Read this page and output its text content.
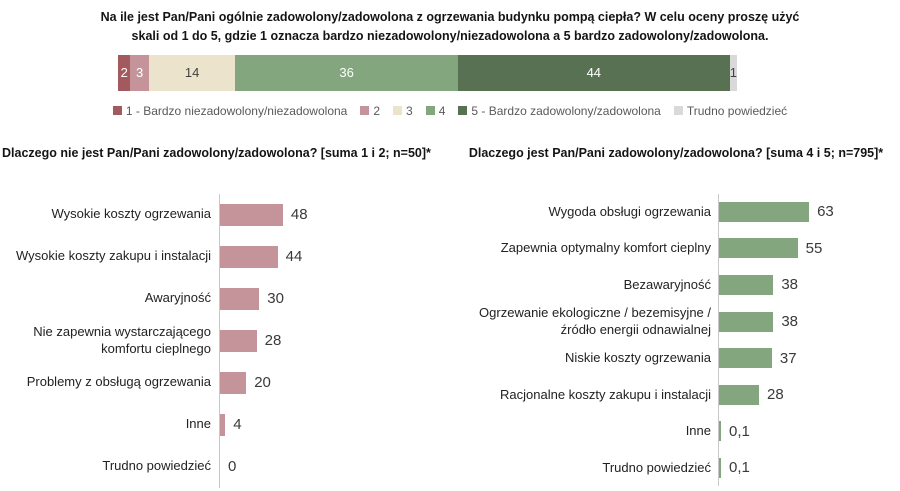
Na ile jest Pan/Pani ogólnie zadowolony/zadowolona z ogrzewania budynku pompą ciepła? W celu oceny proszę użyć skali od 1 do 5, gdzie 1 oznacza bardzo niezadowolony/niezadowolona a 5 bardzo zadowolony/zadowolona.
2 3	14	36	44	1
1 - Bardzo niezadowolony/niezadowolona 2 3 4 5 - Bardzo zadowolony/zadowolona Trudno powiedzieć
Dlaczego nie jest Pan/Pani zadowolony/zadowolona? [suma 1 i 2; n=50]*
Wysokie koszty ogrzewania	48
Wysokie koszty zakupu i instalacji	44
Awaryjność	30
Nie zapewnia wystarczającego komfortu cieplnego	28
Problemy z obsługą ogrzewania	20
Inne	4
Trudno powiedzieć	0
Dlaczego jest Pan/Pani zadowolony/zadowolona? [suma 4 i 5; n=795]*
Wygoda obsługi ogrzewania	63
Zapewnia optymalny komfort cieplny	55
Bezawaryjność	38
Ogrzewanie ekologiczne / bezemisyjne / źródło energii odnawialnej	38
Niskie koszty ogrzewania	37
Racjonalne koszty zakupu i instalacji	28
Inne	0,1
Trudno powiedzieć	0,1
